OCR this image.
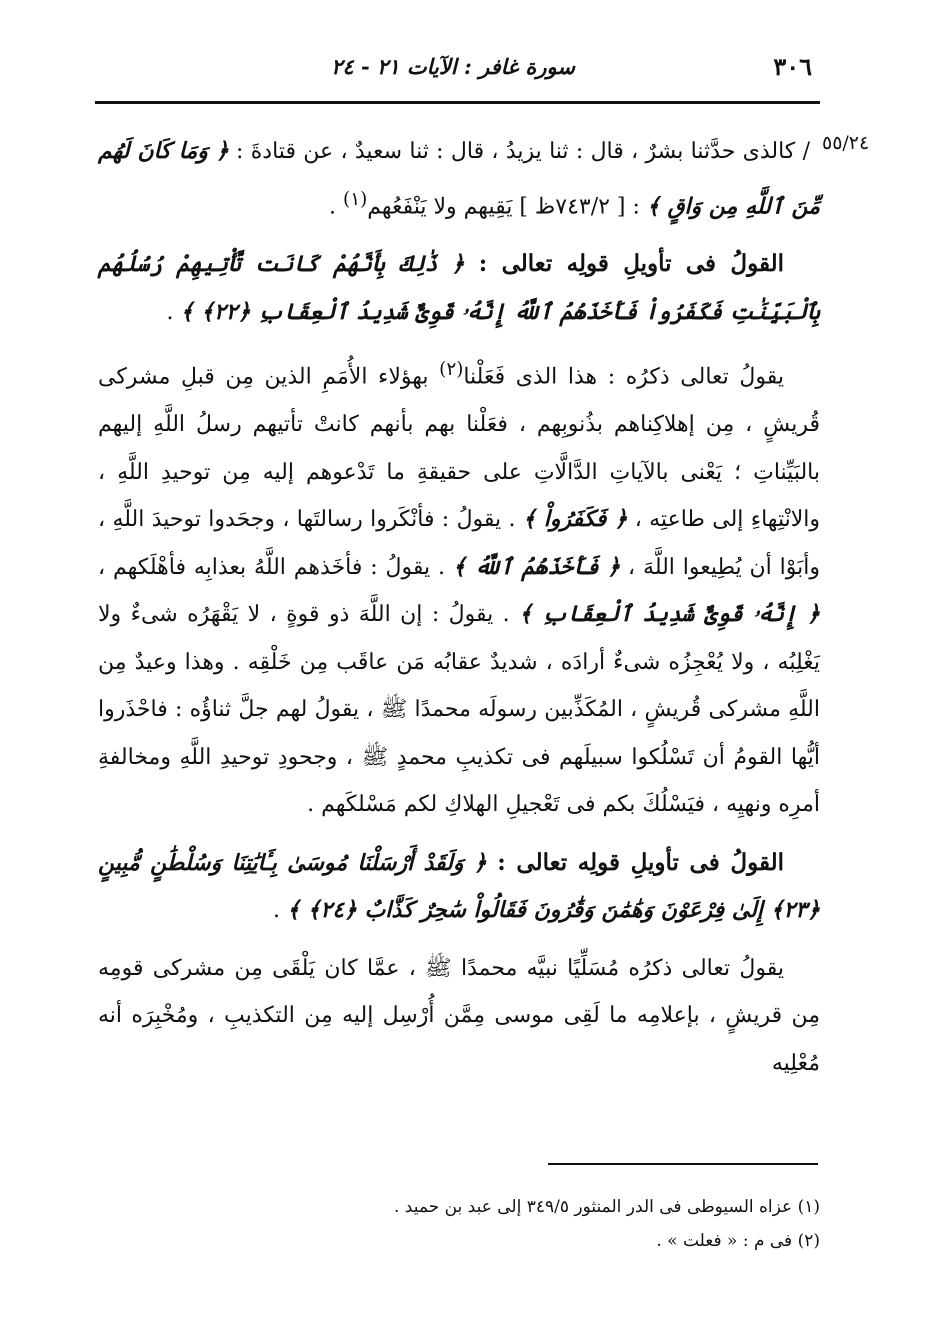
٣٠٦
سورة غافر : الآيات ٢١ - ٢٤
٥٥/٢٤

/ كالذى حدَّثنا بشرٌ ، قال : ثنا يزيدُ ، قال : ثنا سعيدٌ ، عن قتادةَ : ﴿ وَمَا كَانَ لَهُم مِّنَ ٱللَّهِ مِن وَاقٍ ﴾ : [ ٧٤٣/٢ظ ] يَقِيهم ولا يَنْفَعُهم$^{(١)}$ .

القولُ فى تأويلِ قولِه تعالى : ﴿ ذَٰلِكَ بِأَنَّهُمْ كَانَت تَّأْتِيهِمْ رُسُلُهُم بِٱلْبَيِّنَٰتِ فَكَفَرُواْ فَأَخَذَهُمُ ٱللَّهُ إِنَّهُۥ قَوِىٌّ شَدِيدُ ٱلْعِقَابِ ﴿٢٢﴾ ﴾ .

يقولُ تعالى ذكرُه : هذا الذى فَعَلْنا$^{(٢)}$ بهؤلاء الأُمَمِ الذين مِن قبلِ مشركى قُريشٍ ، مِن إهلاكِناهم بذُنوبِهم ، فعَلْنا بهم بأنهم كانتْ تأتيهم رسلُ اللَّهِ إليهم بالبَيِّناتِ ؛ يَعْنى بالآياتِ الدَّالَّاتِ على حقيقةِ ما تَدْعوهم إليه مِن توحيدِ اللَّهِ ، والانْتِهاءِ إلى طاعتِه ، ﴿ فَكَفَرُواْ ﴾ . يقولُ : فأنْكَروا رسالتَها ، وجحَدوا توحيدَ اللَّهِ ، وأبَوْا أن يُطِيعوا اللَّهَ ، ﴿ فَأَخَذَهُمُ ٱللَّهُ ﴾ . يقولُ : فأخَذهم اللَّهُ بعذابِه فأهْلَكهم ، ﴿ إِنَّهُۥ قَوِىٌّ شَدِيدُ ٱلْعِقَابِ ﴾ . يقولُ : إن اللَّهَ ذو قوةٍ ، لا يَقْهَرُه شىءٌ ولا يَغْلِبُه ، ولا يُعْجِزُه شىءٌ أرادَه ، شديدٌ عقابُه مَن عاقَب مِن خَلْقِه . وهذا وعيدٌ مِن اللَّهِ مشركى قُريشٍ ، المُكَذِّبين رسولَه محمدًا ﷺ ، يقولُ لهم جلَّ ثناؤُه : فاحْذَروا أيُّها القومُ أن تَسْلُكوا سبيلَهم فى تكذيبِ محمدٍ ﷺ ، وجحودِ توحيدِ اللَّهِ ومخالفةِ أمرِه ونهيِه ، فيَسْلُكَ بكم فى تَعْجيلِ الهلاكِ لكم مَسْلكَهم .

القولُ فى تأويلِ قولِه تعالى : ﴿ وَلَقَدْ أَرْسَلْنَا مُوسَىٰ بِـَٔايَٰتِنَا وَسُلْطَٰنٍ مُّبِينٍ ﴿٢٣﴾ إِلَىٰ فِرْعَوْنَ وَهَٰمَٰنَ وَقَٰرُونَ فَقَالُواْ سَٰحِرٌ كَذَّابٌ ﴿٢٤﴾ ﴾ .

يقولُ تعالى ذكرُه مُسَلِّيًا نبيَّه محمدًا ﷺ ، عمَّا كان يَلْقَى مِن مشركى قومِه مِن قريشٍ ، بإعلامِه ما لَقِى موسى مِمَّن أُرْسِل إليه مِن التكذيبِ ، ومُخْبِرَه أنه مُعْلِيه

(١) عزاه السيوطى فى الدر المنثور ٣٤٩/٥ إلى عبد بن حميد .
(٢) فى م : « فعلت » .
